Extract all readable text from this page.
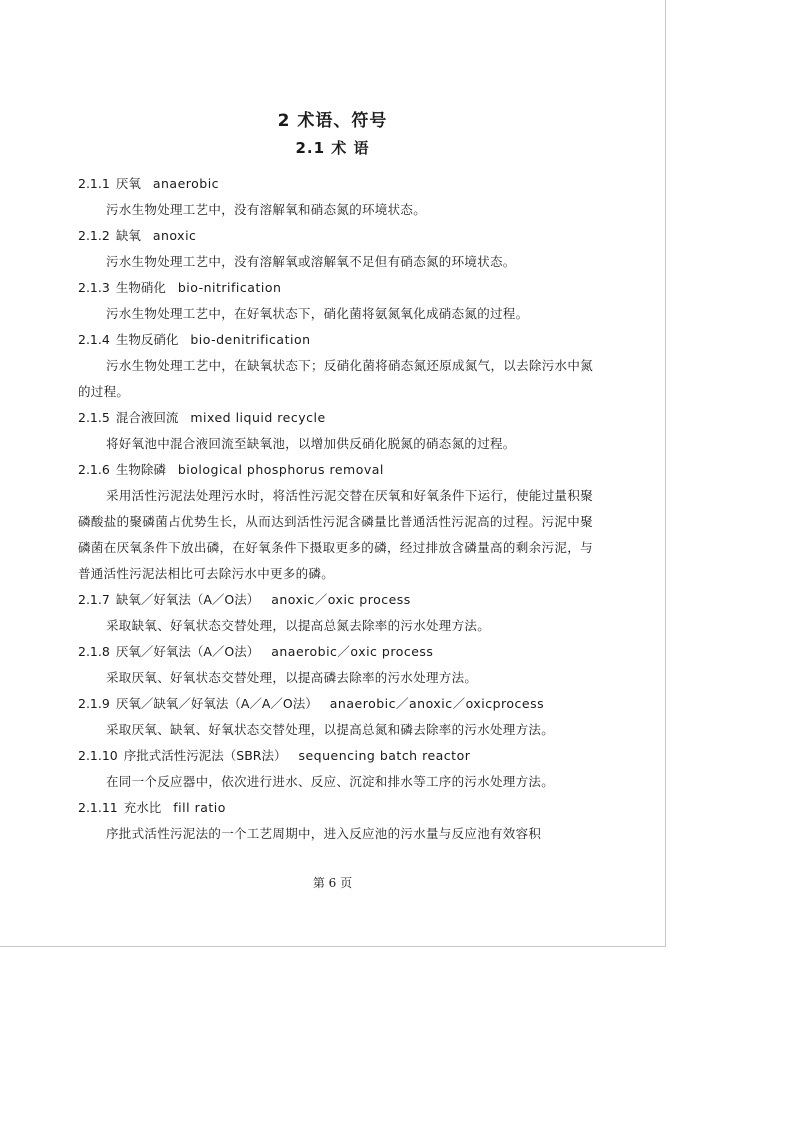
2 术语、符号
2.1 术 语
2.1.1 厌氧 anaerobic
污水生物处理工艺中，没有溶解氧和硝态氮的环境状态。
2.1.2 缺氧 anoxic
污水生物处理工艺中，没有溶解氧或溶解氧不足但有硝态氮的环境状态。
2.1.3 生物硝化 bio-nitrification
污水生物处理工艺中，在好氧状态下，硝化菌将氨氮氧化成硝态氮的过程。
2.1.4 生物反硝化 bio-denitrification
污水生物处理工艺中，在缺氧状态下；反硝化菌将硝态氮还原成氮气，以去除污水中氮的过程。
2.1.5 混合液回流 mixed liquid recycle
将好氧池中混合液回流至缺氧池，以增加供反硝化脱氮的硝态氮的过程。
2.1.6 生物除磷 biological phosphorus removal
采用活性污泥法处理污水时，将活性污泥交替在厌氧和好氧条件下运行，使能过量积聚磷酸盐的聚磷菌占优势生长，从而达到活性污泥含磷量比普通活性污泥高的过程。污泥中聚磷菌在厌氧条件下放出磷，在好氧条件下摄取更多的磷，经过排放含磷量高的剩余污泥，与普通活性污泥法相比可去除污水中更多的磷。
2.1.7 缺氧／好氧法（A／O法） anoxic／oxic process
采取缺氧、好氧状态交替处理，以提高总氮去除率的污水处理方法。
2.1.8 厌氧／好氧法（A／O法） anaerobic／oxic process
采取厌氧、好氧状态交替处理，以提高磷去除率的污水处理方法。
2.1.9 厌氧／缺氧／好氧法（A／A／O法） anaerobic／anoxic／oxicprocess
采取厌氧、缺氧、好氧状态交替处理，以提高总氮和磷去除率的污水处理方法。
2.1.10 序批式活性污泥法（SBR法） sequencing batch reactor
在同一个反应器中，依次进行进水、反应、沉淀和排水等工序的污水处理方法。
2.1.11 充水比 fill ratio
序批式活性污泥法的一个工艺周期中，进入反应池的污水量与反应池有效容积
第 6 页
